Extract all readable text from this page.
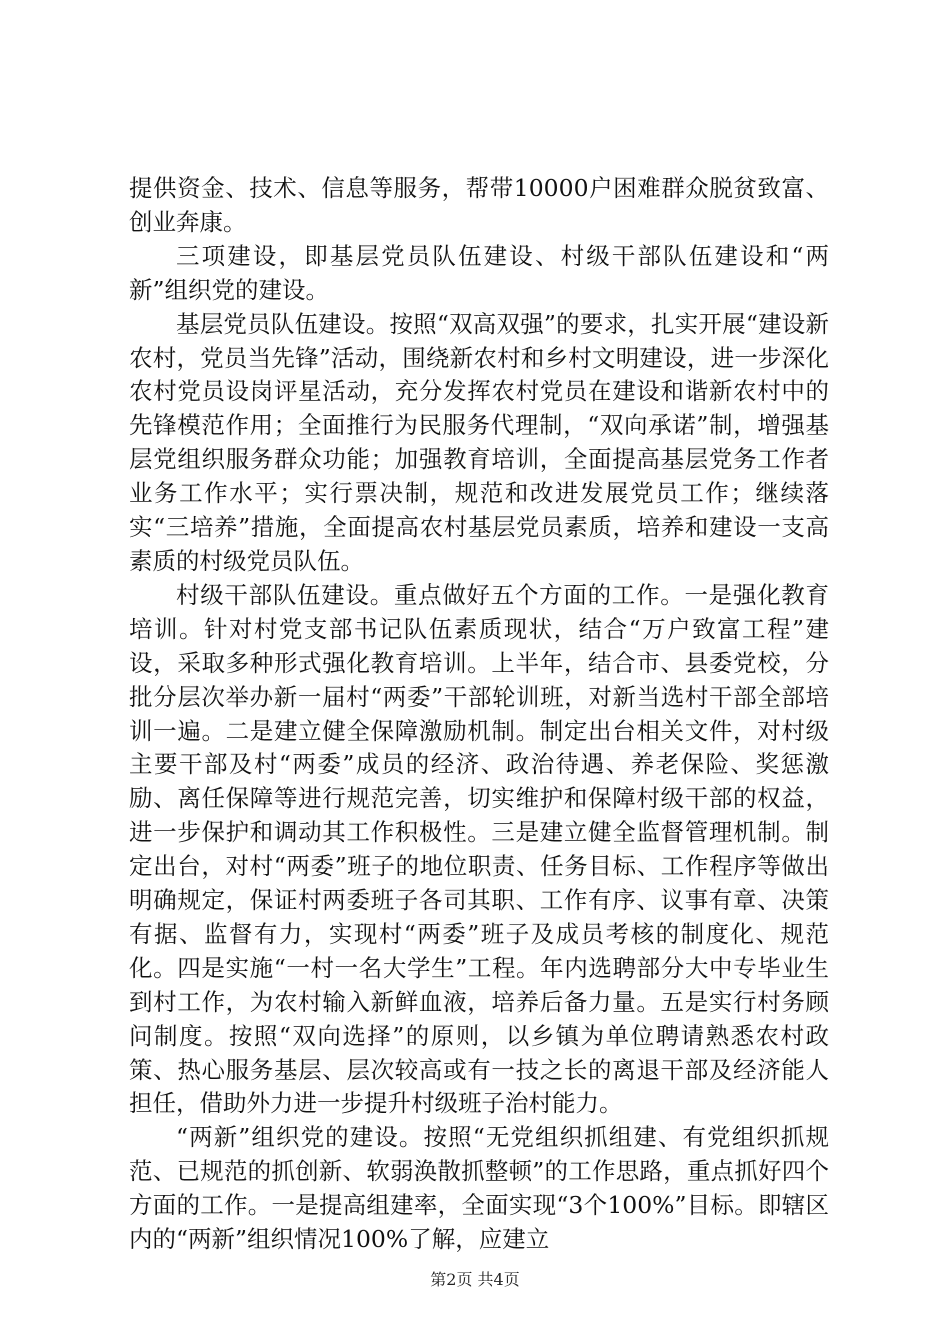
提供资金、技术、信息等服务，帮带10000户困难群众脱贫致富、创业奔康。

三项建设，即基层党员队伍建设、村级干部队伍建设和“两新”组织党的建设。

基层党员队伍建设。按照“双高双强”的要求，扎实开展“建设新农村，党员当先锋”活动，围绕新农村和乡村文明建设，进一步深化农村党员设岗评星活动，充分发挥农村党员在建设和谐新农村中的先锋模范作用；全面推行为民服务代理制，“双向承诺”制，增强基层党组织服务群众功能；加强教育培训，全面提高基层党务工作者业务工作水平；实行票决制，规范和改进发展党员工作；继续落实“三培养”措施，全面提高农村基层党员素质，培养和建设一支高素质的村级党员队伍。

村级干部队伍建设。重点做好五个方面的工作。一是强化教育培训。针对村党支部书记队伍素质现状，结合“万户致富工程”建设，采取多种形式强化教育培训。上半年，结合市、县委党校，分批分层次举办新一届村“两委”干部轮训班，对新当选村干部全部培训一遍。二是建立健全保障激励机制。制定出台相关文件，对村级主要干部及村“两委”成员的经济、政治待遇、养老保险、奖惩激励、离任保障等进行规范完善，切实维护和保障村级干部的权益，进一步保护和调动其工作积极性。三是建立健全监督管理机制。制定出台，对村“两委”班子的地位职责、任务目标、工作程序等做出明确规定，保证村两委班子各司其职、工作有序、议事有章、决策有据、监督有力，实现村“两委”班子及成员考核的制度化、规范化。四是实施“一村一名大学生”工程。年内选聘部分大中专毕业生到村工作，为农村输入新鲜血液，培养后备力量。五是实行村务顾问制度。按照“双向选择”的原则，以乡镇为单位聘请熟悉农村政策、热心服务基层、层次较高或有一技之长的离退干部及经济能人担任，借助外力进一步提升村级班子治村能力。

“两新”组织党的建设。按照“无党组织抓组建、有党组织抓规范、已规范的抓创新、软弱涣散抓整顿”的工作思路，重点抓好四个方面的工作。一是提高组建率，全面实现“3个100%”目标。即辖区内的“两新”组织情况100%了解，应建立

第2页 共4页
